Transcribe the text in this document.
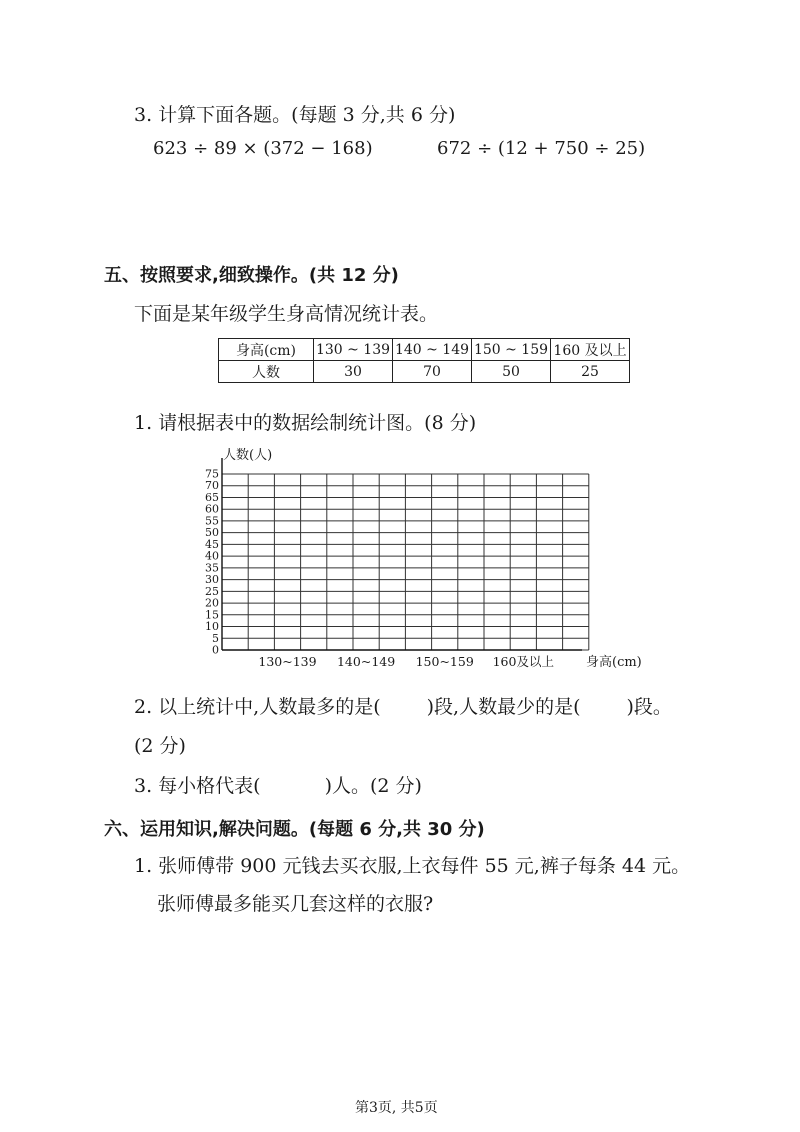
3. 计算下面各题。(每题 3 分,共 6 分)
623 ÷ 89 × (372 − 168)	672 ÷ (12 + 750 ÷ 25)
五、按照要求,细致操作。(共 12 分)
下面是某年级学生身高情况统计表。
身高(cm)	130 ~ 139	140 ~ 149	150 ~ 159	160 及以上
人数	30	70	50	25
1. 请根据表中的数据绘制统计图。(8 分)
人数(人)
0
5
10
15
20
25
30
35
40
45
50
55
60
65
70
75
130~139 140~149 150~159 160及以上 身高(cm)
2. 以上统计中,人数最多的是( )段,人数最少的是( )段。
(2 分)
3. 每小格代表(	)人。(2 分)
六、运用知识,解决问题。(每题 6 分,共 30 分)
1. 张师傅带 900 元钱去买衣服,上衣每件 55 元,裤子每条 44 元。
张师傅最多能买几套这样的衣服?
第3页, 共5页
